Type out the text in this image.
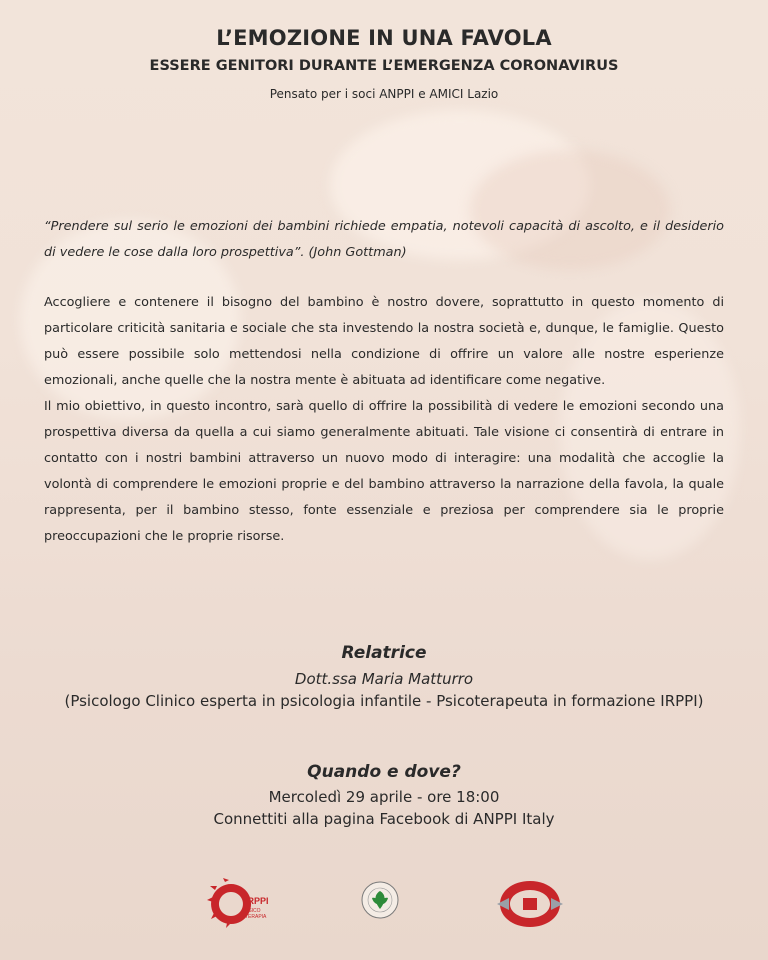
L’EMOZIONE IN UNA FAVOLA
ESSERE GENITORI DURANTE L’EMERGENZA CORONAVIRUS
Pensato per i soci ANPPI e AMICI Lazio
“Prendere sul serio le emozioni dei bambini richiede empatia, notevoli capacità di ascolto, e il desiderio di vedere le cose dalla loro prospettiva”. (John Gottman)

Accogliere e contenere il bisogno del bambino è nostro dovere, soprattutto in questo momento di particolare criticità sanitaria e sociale che sta investendo la nostra società e, dunque, le famiglie. Questo può essere possibile solo mettendosi nella condizione di offrire un valore alle nostre esperienze emozionali, anche quelle che la nostra mente è abituata ad identificare come negative.

Il mio obiettivo, in questo incontro, sarà quello di offrire la possibilità di vedere le emozioni secondo una prospettiva diversa da quella a cui siamo generalmente abituati. Tale visione ci consentirà di entrare in contatto con i nostri bambini attraverso un nuovo modo di interagire: una modalità che accoglie la volontà di comprendere le emozioni proprie e del bambino attraverso la narrazione della favola, la quale rappresenta, per il bambino stesso, fonte essenziale e preziosa per comprendere sia le proprie preoccupazioni che le proprie risorse.

Relatrice
Dott.ssa Maria Matturro
(Psicologo Clinico esperta in psicologia infantile - Psicoterapeuta in formazione IRPPI)
Quando e dove?
Mercoledì 29 aprile - ore 18:00
Connettiti alla pagina Facebook di ANPPI Italy
IRPPI
PSICO
TERAPIA
